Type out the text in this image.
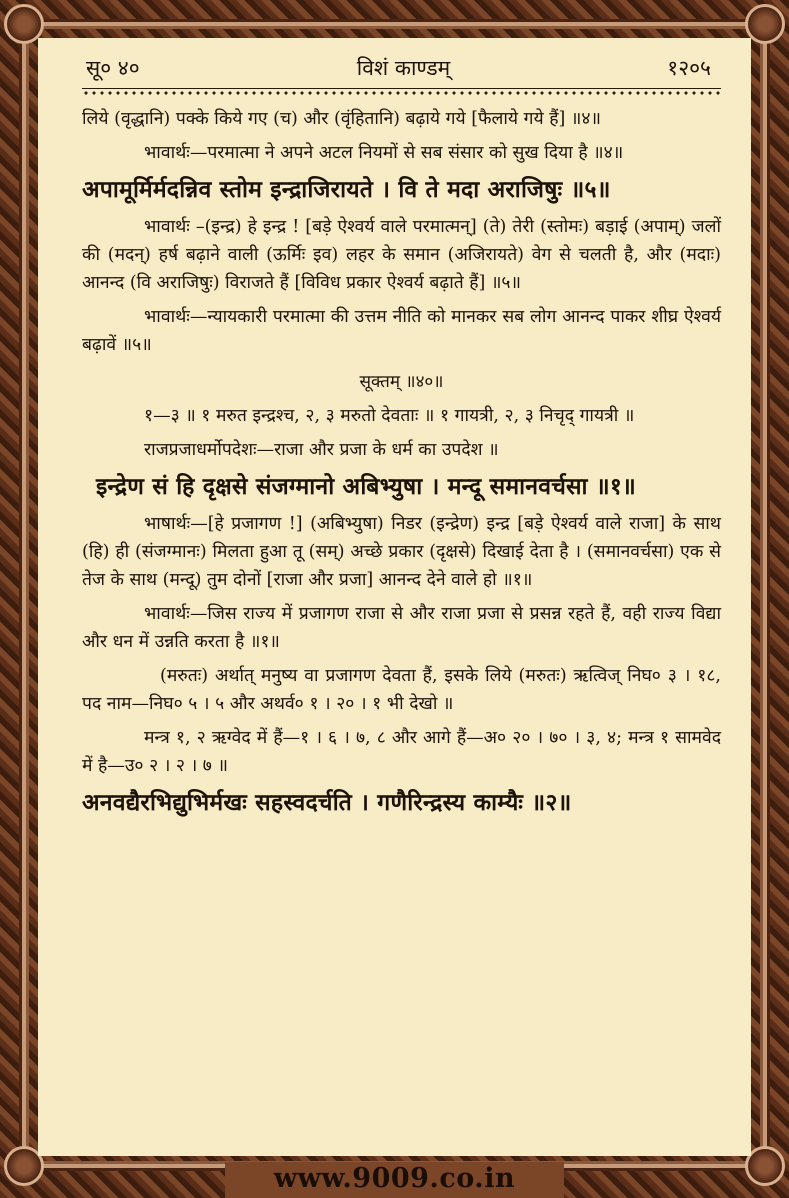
सू० ४०	विशं काण्डम्	१२०५

लिये (वृद्धानि) पक्के किये गए (च) और (वृंहितानि) बढ़ाये गये [फैलाये गये हैं] ॥४॥

भावार्थः—परमात्मा ने अपने अटल नियमों से सब संसार को सुख दिया है ॥४॥

अपामूर्मिर्मदन्निव स्तोम इन्द्राजिरायते । वि ते मदा अराजिषुः ॥५॥

भावार्थः –(इन्द्र) हे इन्द्र ! [बड़े ऐश्वर्य वाले परमात्मन्] (ते) तेरी (स्तोमः) बड़ाई (अपाम्) जलों की (मदन्) हर्ष बढ़ाने वाली (ऊर्मिः इव) लहर के समान (अजिरायते) वेग से चलती है, और (मदाः) आनन्द (वि अराजिषुः) विराजते हैं [विविध प्रकार ऐश्वर्य बढ़ाते हैं] ॥५॥

भावार्थः—न्यायकारी परमात्मा की उत्तम नीति को मानकर सब लोग आनन्द पाकर शीघ्र ऐश्वर्य बढ़ावें ॥५॥

सूक्तम् ॥४०॥

१—३ ॥ १ मरुत इन्द्रश्च, २, ३ मरुतो देवताः ॥ १ गायत्री, २, ३ निचृद् गायत्री ॥

राजप्रजाधर्मोपदेशः—राजा और प्रजा के धर्म का उपदेश ॥

इन्द्रेण सं हि दृक्षसे संजग्मानो अबिभ्युषा । मन्दू समानवर्चसा ॥१॥

भाषार्थः—[हे प्रजागण !] (अबिभ्युषा) निडर (इन्द्रेण) इन्द्र [बड़े ऐश्वर्य वाले राजा] के साथ (हि) ही (संजग्मानः) मिलता हुआ तू (सम्) अच्छे प्रकार (दृक्षसे) दिखाई देता है । (समानवर्चसा) एक से तेज के साथ (मन्दू) तुम दोनों [राजा और प्रजा] आनन्द देने वाले हो ॥१॥

भावार्थः—जिस राज्य में प्रजागण राजा से और राजा प्रजा से प्रसन्न रहते हैं, वही राज्य विद्या और धन में उन्नति करता है ॥१॥

(मरुतः) अर्थात् मनुष्य वा प्रजागण देवता हैं, इसके लिये (मरुतः) ऋत्विज् निघ० ३ । १८, पद नाम—निघ० ५ । ५ और अथर्व० १ । २० । १ भी देखो ॥

मन्त्र १, २ ऋग्वेद में हैं—१ । ६ । ७, ८ और आगे हैं—अ० २० । ७० । ३, ४; मन्त्र १ सामवेद में है—उ० २ । २ । ७ ॥

अनवद्यैरभिद्युभिर्मखः सहस्वदर्चति । गणैरिन्द्रस्य काम्यैः ॥२॥

www.9009.co.in
